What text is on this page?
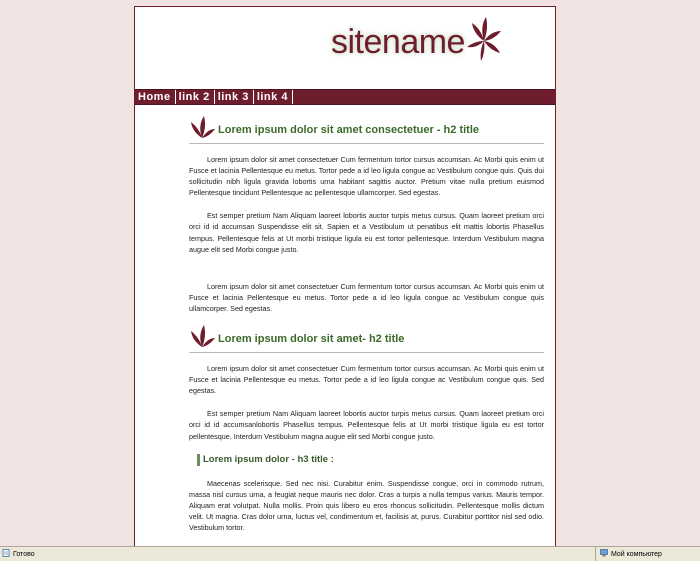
sitename
Home link 2 link 3 link 4
Lorem ipsum dolor sit amet consectetuer - h2 title

Lorem ipsum dolor sit amet consectetuer Cum fermentum tortor cursus accumsan. Ac Morbi quis enim ut Fusce et lacinia Pellentesque eu metus. Tortor pede a id leo ligula congue ac Vestibulum congue quis. Quis dui sollicitudin nibh ligula gravida lobortis urna habitant sagittis auctor. Pretium vitae nulla pretium euismod Pellentesque tincidunt Pellentesque ac pellentesque ullamcorper. Sed egestas.

Est semper pretium Nam Aliquam laoreet lobortis auctor turpis metus cursus. Quam laoreet pretium orci orci id id accumsan Suspendisse elit sit. Sapien et a Vestibulum ut penatibus elit mattis lobortis Phasellus tempus. Pellentesque felis at Ut morbi tristique ligula eu est tortor pellentesque. Interdum Vestibulum magna augue elit sed Morbi congue justo.

Lorem ipsum dolor sit amet consectetuer Cum fermentum tortor cursus accumsan. Ac Morbi quis enim ut Fusce et lacinia Pellentesque eu metus. Tortor pede a id leo ligula congue ac Vestibulum congue quis ullamcorper. Sed egestas.

Lorem ipsum dolor sit amet- h2 title

Lorem ipsum dolor sit amet consectetuer Cum fermentum tortor cursus accumsan. Ac Morbi quis enim ut Fusce et lacinia Pellentesque eu metus. Tortor pede a id leo ligula congue ac Vestibulum congue quis. Sed egestas.

Est semper pretium Nam Aliquam laoreet lobortis auctor turpis metus cursus. Quam laoreet pretium orci orci id id accumsanlobortis Phasellus tempus. Pellentesque felis at Ut morbi tristique ligula eu est tortor pellentesque. Interdum Vestibulum magna augue elit sed Morbi congue justo.

Lorem ipsum dolor - h3 title :

Maecenas scelerisque. Sed nec nisi. Curabitur enim. Suspendisse congue, orci in commodo rutrum, massa nisl cursus urna, a feugiat neque mauris nec dolor. Cras a turpis a nulla tempus varius. Mauris tempor. Aliquam erat volutpat. Nulla mollis. Proin quis libero eu eros rhoncus sollicitudin. Pellentesque mollis dictum velit. Ut magna. Cras dolor urna, luctus vel, condimentum et, facilisis at, purus. Curabitur porttitor nisl sed odio. Vestibulum tortor.

Готово	Мой компьютер
